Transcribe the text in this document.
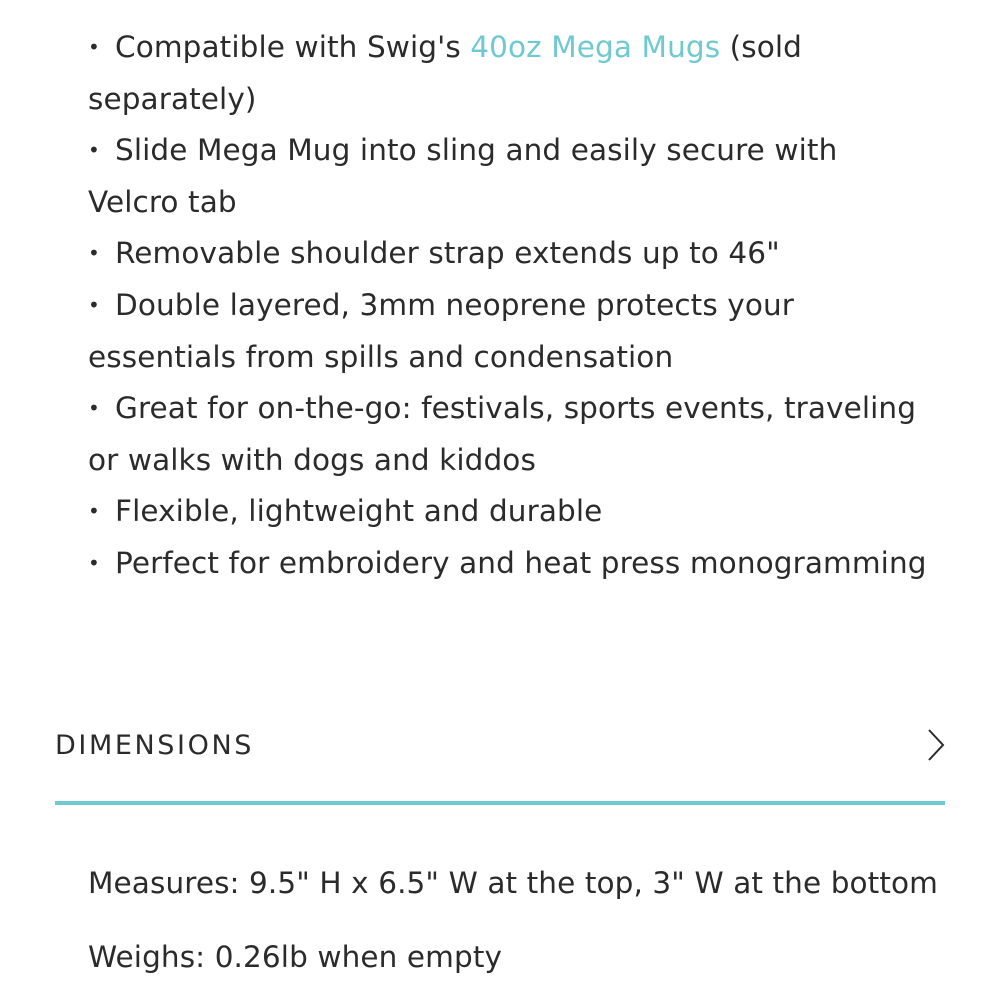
• Compatible with Swig's 40oz Mega Mugs (sold
separately)
• Slide Mega Mug into sling and easily secure with
Velcro tab
• Removable shoulder strap extends up to 46"
• Double layered, 3mm neoprene protects your
essentials from spills and condensation
• Great for on-the-go: festivals, sports events, traveling
or walks with dogs and kiddos
• Flexible, lightweight and durable
• Perfect for embroidery and heat press monogramming
DIMENSIONS
Measures: 9.5" H x 6.5" W at the top, 3" W at the bottom
Weighs: 0.26lb when empty
